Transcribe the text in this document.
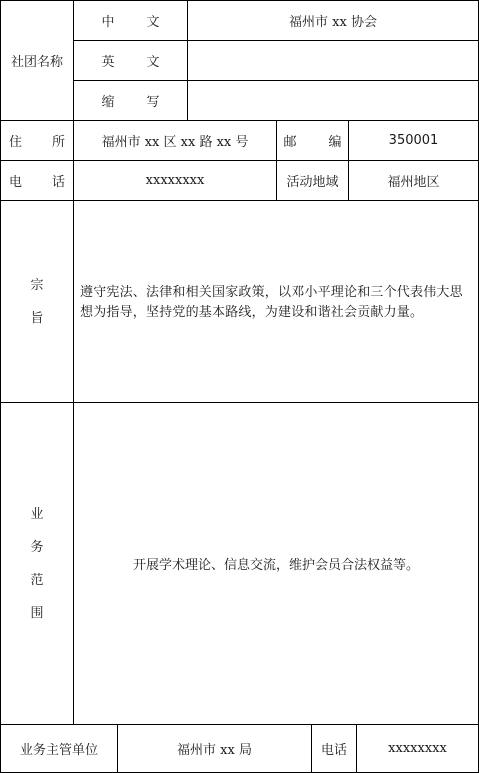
社团名称
中 文	福州市 xx 协会
英 文
缩 写
住 所	福州市 xx 区 xx 路 xx 号	邮 编	350001
电 话	xxxxxxxx	活动地域	福州地区
宗
旨
遵守宪法、法律和相关国家政策，以邓小平理论和三个代表伟大思
想为指导，坚持党的基本路线，为建设和谐社会贡献力量。
业
务
范
围
开展学术理论、信息交流，维护会员合法权益等。
业务主管单位	福州市 xx 局	电话	xxxxxxxx
